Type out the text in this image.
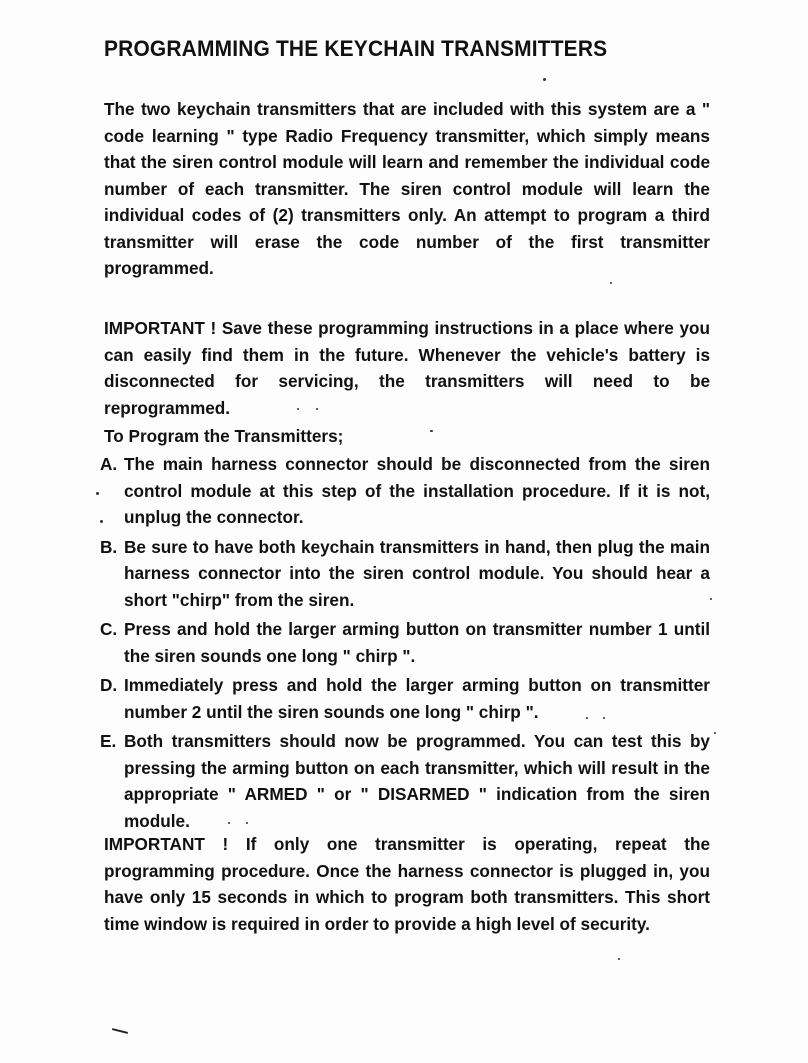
PROGRAMMING THE KEYCHAIN TRANSMITTERS
The two keychain transmitters that are included with this system are a " code learning " type Radio Frequency transmitter, which simply means that the siren control module will learn and remember the individual code number of each transmitter. The siren control module will learn the individual codes of (2) transmitters only. An attempt to program a third transmitter will erase the code number of the first transmitter programmed.
IMPORTANT ! Save these programming instructions in a place where you can easily find them in the future. Whenever the vehicle's battery is disconnected for servicing, the transmitters will need to be reprogrammed.
To Program the Transmitters;
A. The main harness connector should be disconnected from the siren control module at this step of the installation procedure. If it is not, unplug the connector.
B. Be sure to have both keychain transmitters in hand, then plug the main harness connector into the siren control module. You should hear a short "chirp" from the siren.
C. Press and hold the larger arming button on transmitter number 1 until the siren sounds one long " chirp ".
D. Immediately press and hold the larger arming button on transmitter number 2 until the siren sounds one long " chirp ".
E. Both transmitters should now be programmed. You can test this by pressing the arming button on each transmitter, which will result in the appropriate " ARMED " or " DISARMED " indication from the siren module.
IMPORTANT ! If only one transmitter is operating, repeat the programming procedure. Once the harness connector is plugged in, you have only 15 seconds in which to program both transmitters. This short time window is required in order to provide a high level of security.
